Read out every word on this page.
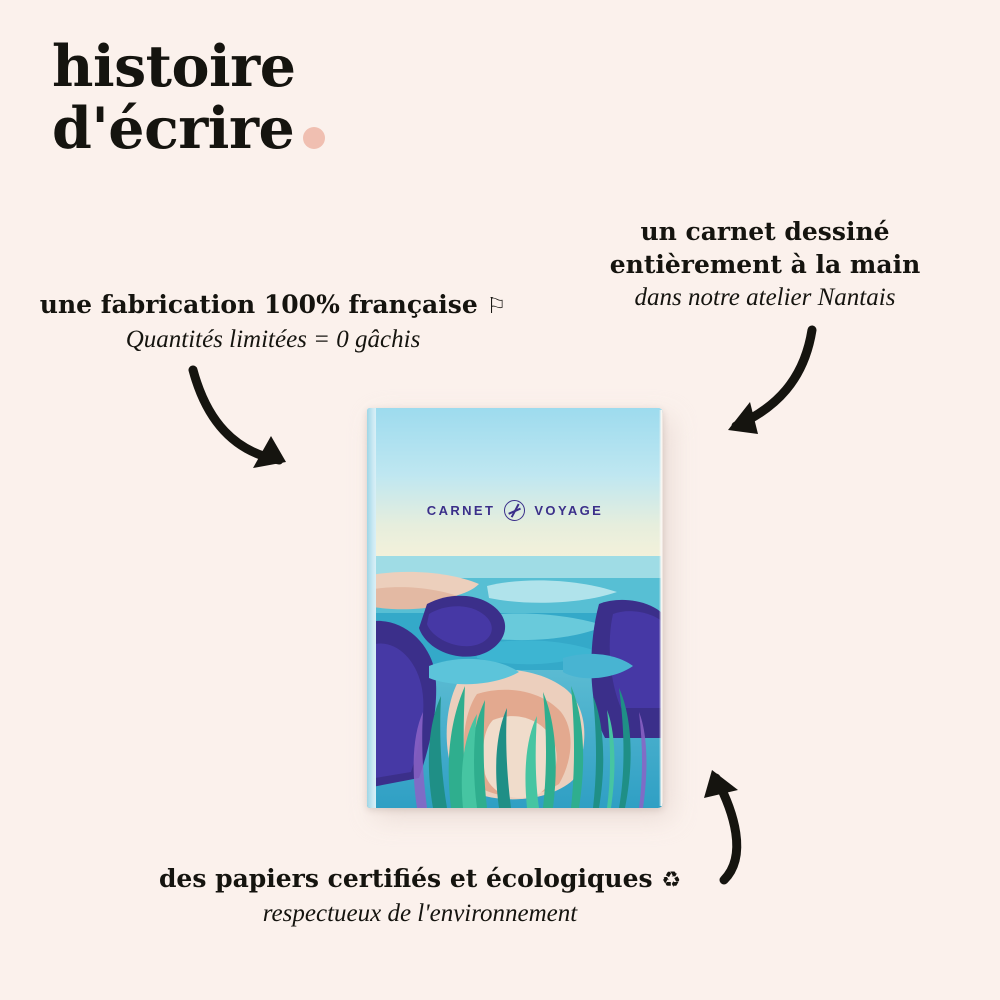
histoire
d'écrire
une fabrication 100% française ⚐
Quantités limitées = 0 gâchis
un carnet dessiné
entièrement à la main
dans notre atelier Nantais
des papiers certifiés et écologiques ♻
respectueux de l'environnement
CARNET	VOYAGE
